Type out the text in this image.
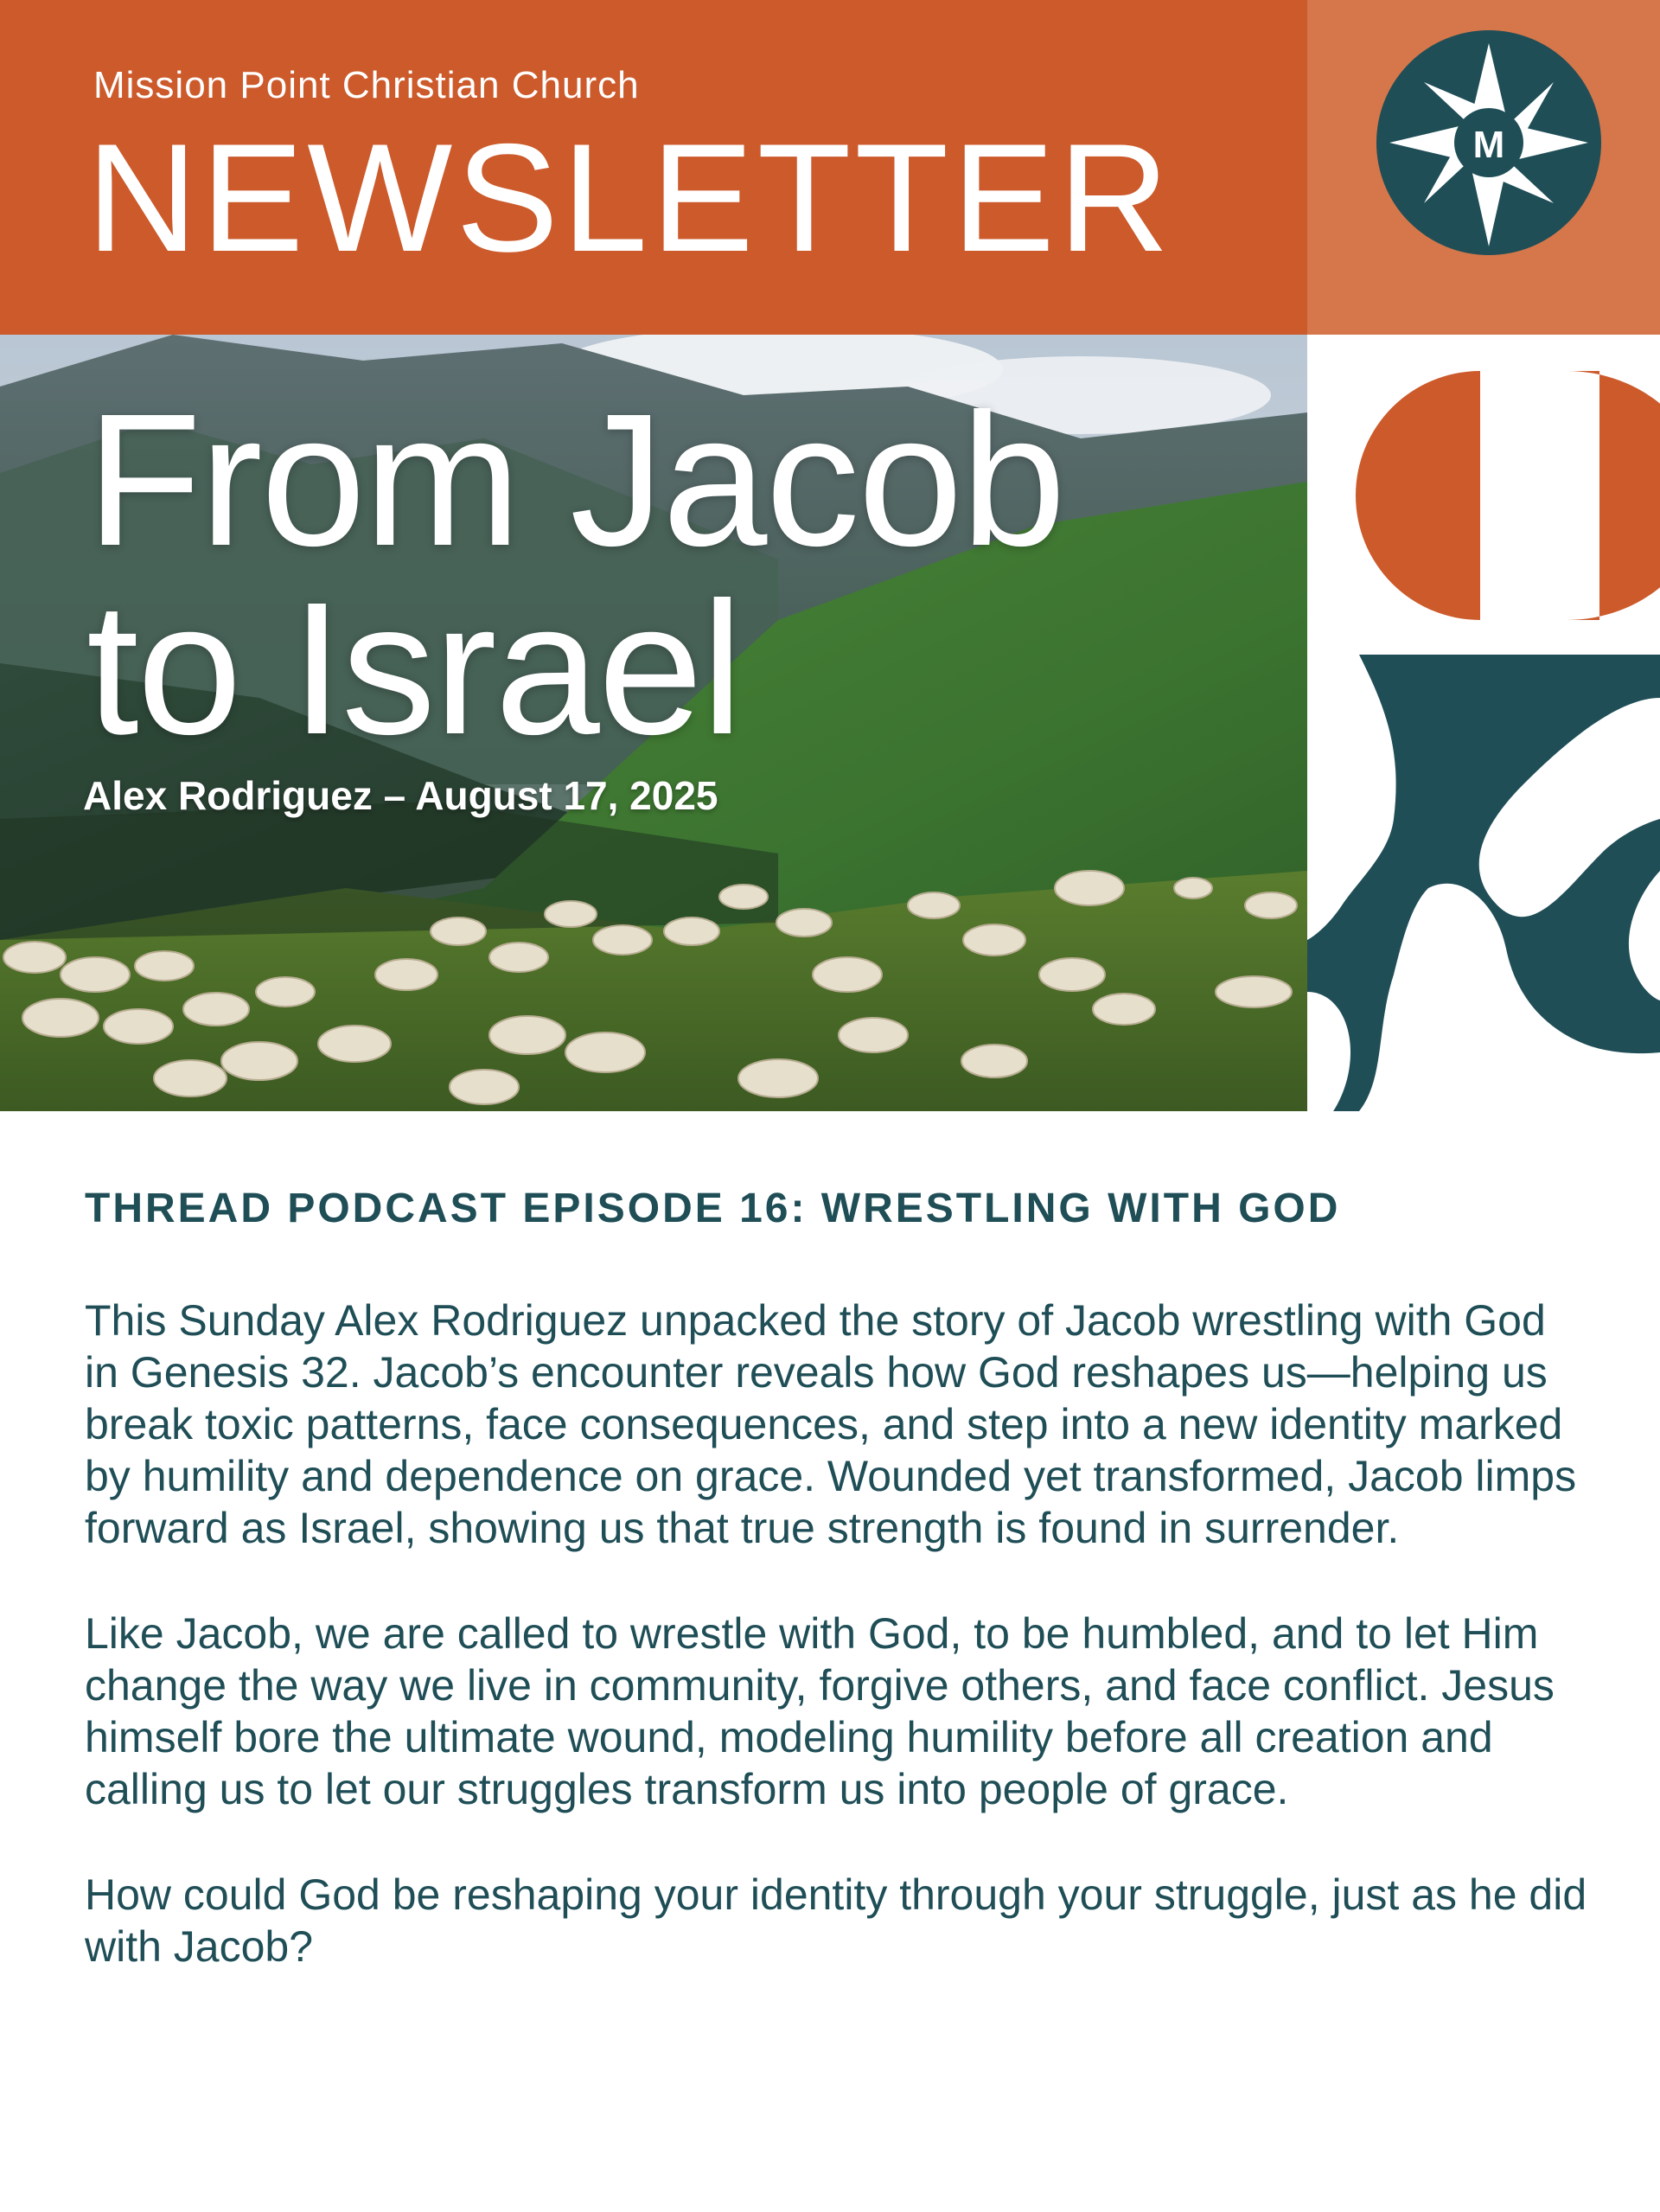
Mission Point Christian Church
NEWSLETTER	M
From Jacob
to Israel
Alex Rodriguez – August 17, 2025
THREAD PODCAST EPISODE 16: WRESTLING WITH GOD

This Sunday Alex Rodriguez unpacked the story of Jacob wrestling with God in Genesis 32. Jacob’s encounter reveals how God reshapes us—helping us break toxic patterns, face consequences, and step into a new identity marked by humility and dependence on grace. Wounded yet transformed, Jacob limps forward as Israel, showing us that true strength is found in surrender.

Like Jacob, we are called to wrestle with God, to be humbled, and to let Him change the way we live in community, forgive others, and face conflict. Jesus himself bore the ultimate wound, modeling humility before all creation and calling us to let our struggles transform us into people of grace.

How could God be reshaping your identity through your struggle, just as he did with Jacob?
